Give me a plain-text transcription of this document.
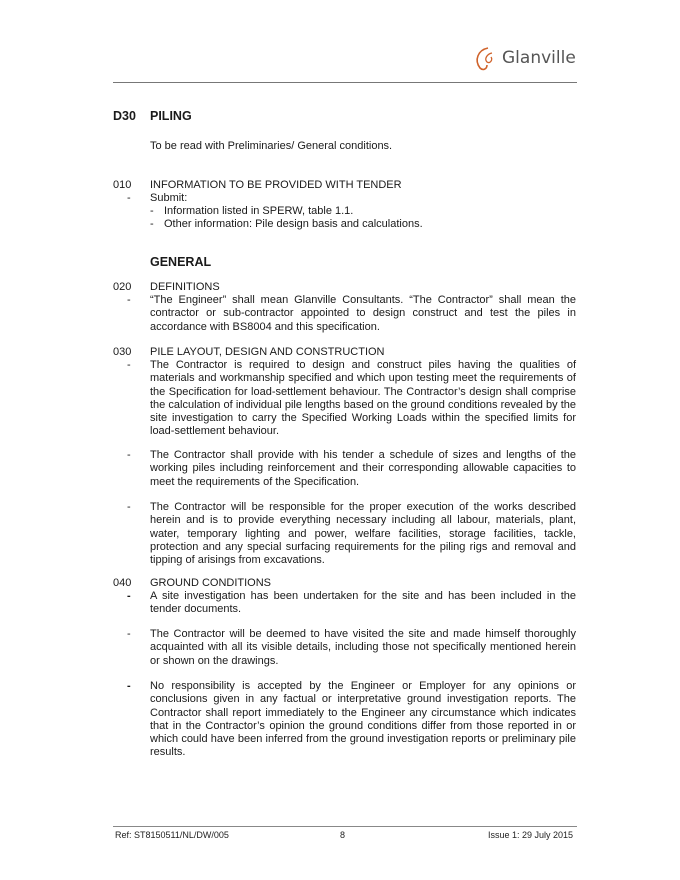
Glanville
D30 PILING
To be read with Preliminaries/ General conditions.
010 INFORMATION TO BE PROVIDED WITH TENDER
- Submit:
- Information listed in SPERW, table 1.1.
- Other information: Pile design basis and calculations.
GENERAL
020 DEFINITIONS
- “The Engineer” shall mean Glanville Consultants. “The Contractor” shall mean the contractor or sub-contractor appointed to design construct and test the piles in accordance with BS8004 and this specification.
030 PILE LAYOUT, DESIGN AND CONSTRUCTION
- The Contractor is required to design and construct piles having the qualities of materials and workmanship specified and which upon testing meet the requirements of the Specification for load-settlement behaviour. The Contractor’s design shall comprise the calculation of individual pile lengths based on the ground conditions revealed by the site investigation to carry the Specified Working Loads within the specified limits for load-settlement behaviour.
- The Contractor shall provide with his tender a schedule of sizes and lengths of the working piles including reinforcement and their corresponding allowable capacities to meet the requirements of the Specification.
- The Contractor will be responsible for the proper execution of the works described herein and is to provide everything necessary including all labour, materials, plant, water, temporary lighting and power, welfare facilities, storage facilities, tackle, protection and any special surfacing requirements for the piling rigs and removal and tipping of arisings from excavations.
040 GROUND CONDITIONS
- A site investigation has been undertaken for the site and has been included in the tender documents.
- The Contractor will be deemed to have visited the site and made himself thoroughly acquainted with all its visible details, including those not specifically mentioned herein or shown on the drawings.
- No responsibility is accepted by the Engineer or Employer for any opinions or conclusions given in any factual or interpretative ground investigation reports. The Contractor shall report immediately to the Engineer any circumstance which indicates that in the Contractor’s opinion the ground conditions differ from those reported in or which could have been inferred from the ground investigation reports or preliminary pile results.
Ref: ST8150511/NL/DW/005	8	Issue 1: 29 July 2015
